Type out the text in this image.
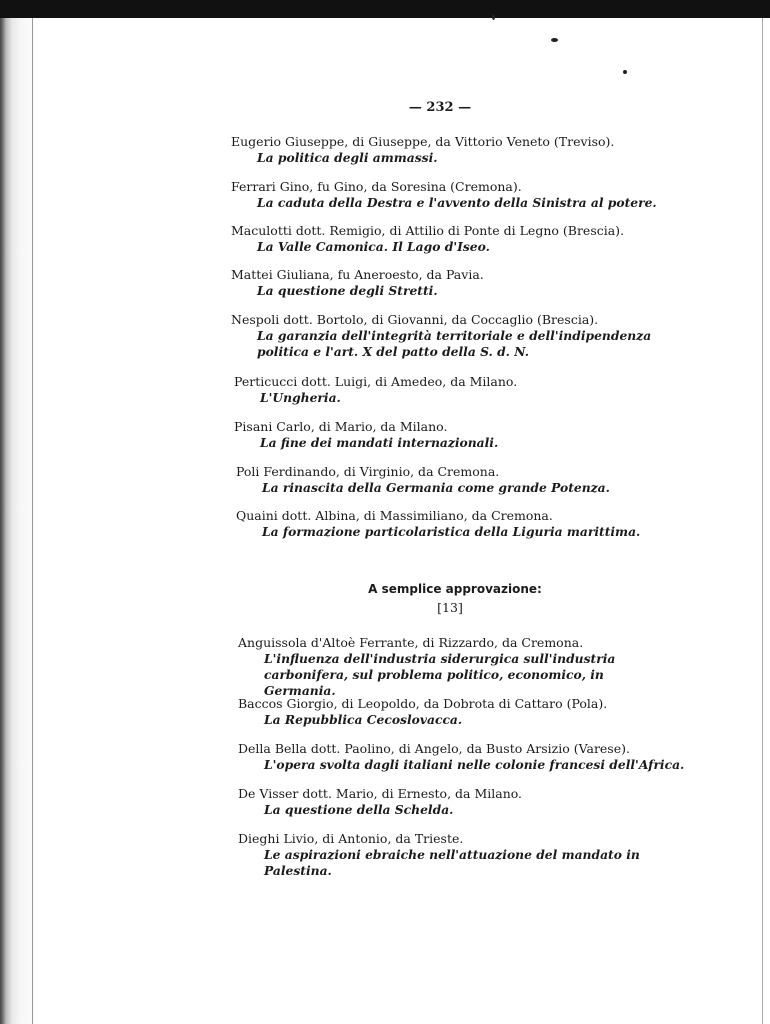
— 232 —
Eugerio Giuseppe, di Giuseppe, da Vittorio Veneto (Treviso).
La politica degli ammassi.
Ferrari Gino, fu Gino, da Soresina (Cremona).
La caduta della Destra e l'avvento della Sinistra al potere.
Maculotti dott. Remigio, di Attilio di Ponte di Legno (Brescia).
La Valle Camonica. Il Lago d'Iseo.
Mattei Giuliana, fu Aneroesto, da Pavia.
La questione degli Stretti.
Nespoli dott. Bortolo, di Giovanni, da Coccaglio (Brescia).
La garanzia dell'integrità territoriale e dell'indipendenza politica e l'art. X del patto della S. d. N.
Perticucci dott. Luigi, di Amedeo, da Milano.
L'Ungheria.
Pisani Carlo, di Mario, da Milano.
La fine dei mandati internazionali.
Poli Ferdinando, di Virginio, da Cremona.
La rinascita della Germania come grande Potenza.
Quaini dott. Albina, di Massimiliano, da Cremona.
La formazione particolaristica della Liguria marittima.
A semplice approvazione:
[13]
Anguissola d'Altoè Ferrante, di Rizzardo, da Cremona.
L'influenza dell'industria siderurgica sull'industria carbonifera, sul problema politico, economico, in Germania.
Baccos Giorgio, di Leopoldo, da Dobrota di Cattaro (Pola).
La Repubblica Cecoslovacca.
Della Bella dott. Paolino, di Angelo, da Busto Arsizio (Varese).
L'opera svolta dagli italiani nelle colonie francesi dell'Africa.
De Visser dott. Mario, di Ernesto, da Milano.
La questione della Schelda.
Dieghi Livio, di Antonio, da Trieste.
Le aspirazioni ebraiche nell'attuazione del mandato in Palestina.
